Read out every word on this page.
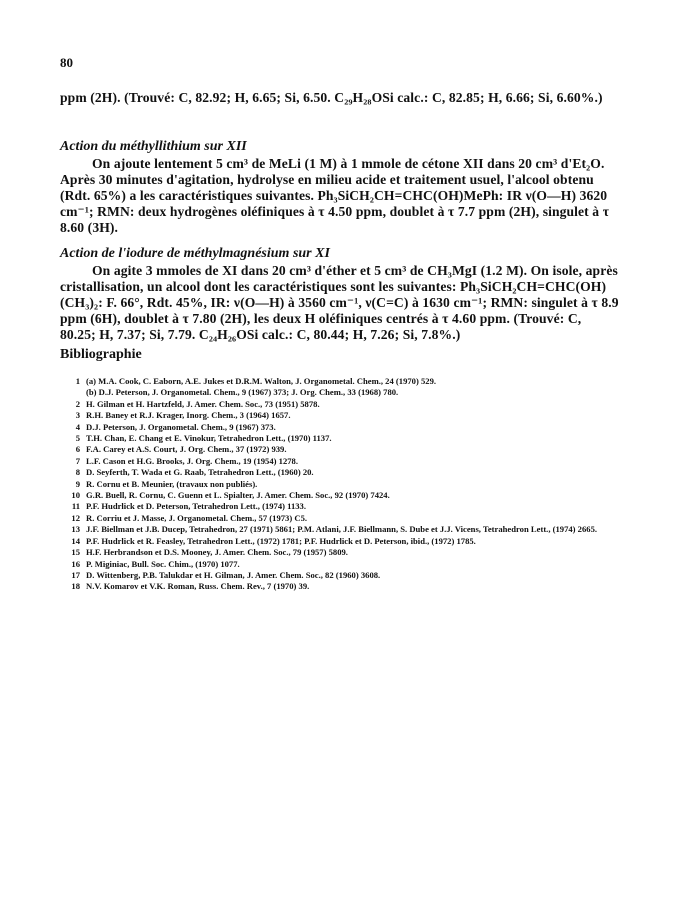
80
ppm (2H). (Trouvé: C, 82.92; H, 6.65; Si, 6.50. C₂₉H₂₈OSi calc.: C, 82.85; H, 6.66; Si, 6.60%.)
Action du méthyllithium sur XII
On ajoute lentement 5 cm³ de MeLi (1 M) à 1 mmole de cétone XII dans 20 cm³ d'Et₂O. Après 30 minutes d'agitation, hydrolyse en milieu acide et traitement usuel, l'alcool obtenu (Rdt. 65%) a les caractéristiques suivantes. Ph₃SiCH₂CH=CHC(OH)MePh: IR ν(O—H) 3620 cm⁻¹; RMN: deux hydrogènes oléfiniques à τ 4.50 ppm, doublet à τ 7.7 ppm (2H), singulet à τ 8.60 (3H).
Action de l'iodure de méthylmagnésium sur XI
On agite 3 mmoles de XI dans 20 cm³ d'éther et 5 cm³ de CH₃MgI (1.2 M). On isole, après cristallisation, un alcool dont les caractéristiques sont les suivantes: Ph₃SiCH₂CH=CHC(OH)(CH₃)₂: F. 66°, Rdt. 45%, IR: ν(O—H) à 3560 cm⁻¹, ν(C=C) à 1630 cm⁻¹; RMN: singulet à τ 8.9 ppm (6H), doublet à τ 7.80 (2H), les deux H oléfiniques centrés à τ 4.60 ppm. (Trouvé: C, 80.25; H, 7.37; Si, 7.79. C₂₄H₂₆OSi calc.: C, 80.44; H, 7.26; Si, 7.8%.)
Bibliographie
1 (a) M.A. Cook, C. Eaborn, A.E. Jukes et D.R.M. Walton, J. Organometal. Chem., 24 (1970) 529.
(b) D.J. Peterson, J. Organometal. Chem., 9 (1967) 373; J. Org. Chem., 33 (1968) 780.
2 H. Gilman et H. Hartzfeld, J. Amer. Chem. Soc., 73 (1951) 5878.
3 R.H. Baney et R.J. Krager, Inorg. Chem., 3 (1964) 1657.
4 D.J. Peterson, J. Organometal. Chem., 9 (1967) 373.
5 T.H. Chan, E. Chang et E. Vinokur, Tetrahedron Lett., (1970) 1137.
6 F.A. Carey et A.S. Court, J. Org. Chem., 37 (1972) 939.
7 L.F. Cason et H.G. Brooks, J. Org. Chem., 19 (1954) 1278.
8 D. Seyferth, T. Wada et G. Raab, Tetrahedron Lett., (1960) 20.
9 R. Cornu et B. Meunier, (travaux non publiés).
10 G.R. Buell, R. Cornu, C. Guenn et L. Spialter, J. Amer. Chem. Soc., 92 (1970) 7424.
11 P.F. Hudrlick et D. Peterson, Tetrahedron Lett., (1974) 1133.
12 R. Corriu et J. Masse, J. Organometal. Chem., 57 (1973) C5.
13 J.F. Biellman et J.B. Ducep, Tetrahedron, 27 (1971) 5861; P.M. Atlani, J.F. Biellmann, S. Dube et J.J. Vicens, Tetrahedron Lett., (1974) 2665.
14 P.F. Hudrlick et R. Feasley, Tetrahedron Lett., (1972) 1781; P.F. Hudrlick et D. Peterson, ibid., (1972) 1785.
15 H.F. Herbrandson et D.S. Mooney, J. Amer. Chem. Soc., 79 (1957) 5809.
16 P. Miginiac, Bull. Soc. Chim., (1970) 1077.
17 D. Wittenberg, P.B. Talukdar et H. Gilman, J. Amer. Chem. Soc., 82 (1960) 3608.
18 N.V. Komarov et V.K. Roman, Russ. Chem. Rev., 7 (1970) 39.
